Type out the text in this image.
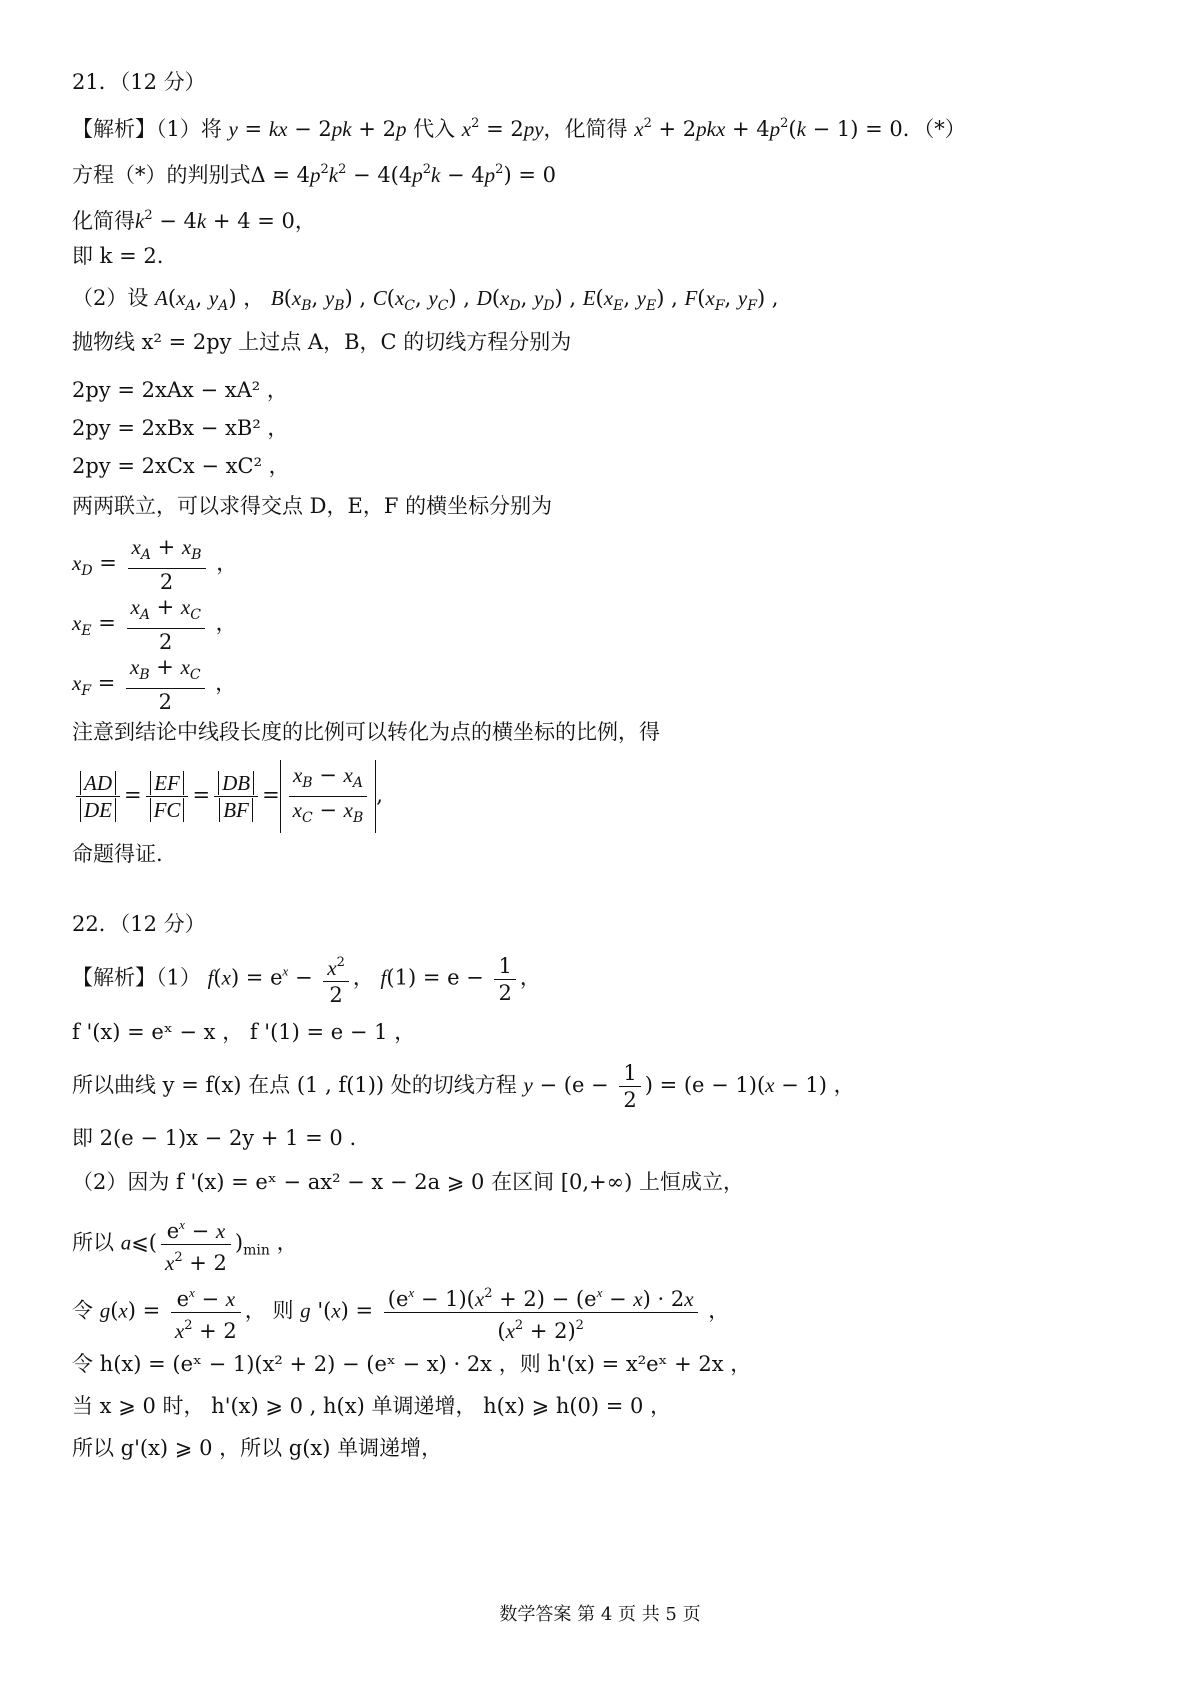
21．（12 分）
【解析】（1）将 y = kx − 2pk + 2p 代入 $x^2 = 2py$，化简得 $x^2 + 2pkx + 4p^2(k - 1) = 0$．（*）
方程（*）的判别式$\Delta = 4p^2k^2 - 4(4p^2k - 4p^2) = 0$
化简得$k^2 - 4k + 4 = 0$，
即 k = 2.
（2）设 $A(x_A$, $y_A$) ， $B(x_B$, $y_B$) , $C(x_C$, $y_C$) , $D(x_D$, $y_D$) , $E(x_E$, $y_E$) , $F(x_F$, $y_F$) ,
抛物线 x² = 2py 上过点 A，B，C 的切线方程分别为
2py = 2xAx − xA² ，
2py = 2xBx − xB² ，
2py = 2xCx − xC² ，
两两联立，可以求得交点 D，E，F 的横坐标分别为
$x_D = \frac{x_A + x_B}{2}$ ，
$x_E = \frac{x_A + x_C}{2}$ ，
$x_F = \frac{x_B + x_C}{2}$ ，
注意到结论中线段长度的比例可以转化为点的横坐标的比例，得
$\frac{AD}{DE} = \frac{EF}{FC} = \frac{DB}{BF} = \frac{x_B - x_A}{x_C - x_B}$ ,
命题得证.
22．（12 分）
【解析】（1） $f(x) = e^x - \frac{x^2}{2}$ ， $f(1) = e - \frac{1}{2}$ ，
f '(x) = eˣ − x ， f '(1) = e − 1 ，
所以曲线 y = f(x) 在点 (1 , f(1)) 处的切线方程 $y - (e - \frac{1}{2}$ ) = (e − 1)(x − 1) ，
即 2(e − 1)x − 2y + 1 = 0 .
（2）因为 f '(x) = eˣ − ax² − x − 2a ⩾ 0 在区间 [0,+∞) 上恒成立，
所以 a⩽( $\frac{e^x - x}{x^2 + 2} )_{min}$ ，
令 $g(x) = \frac{e^x - x}{x^2 + 2}$ ， 则 g '$(x) = \frac{(e^x - 1)(x^2 + 2) - (e^x - x) \cdot 2x}{(x^2 + 2)^2}$ ，
令 h(x) = (eˣ − 1)(x² + 2) − (eˣ − x) · 2x ，则 h'(x) = x²eˣ + 2x ，
当 x ⩾ 0 时， h'(x) ⩾ 0 , h(x) 单调递增， h(x) ⩾ h(0) = 0 ，
所以 g'(x) ⩾ 0 ，所以 g(x) 单调递增，
数学答案 第 4 页 共 5 页
